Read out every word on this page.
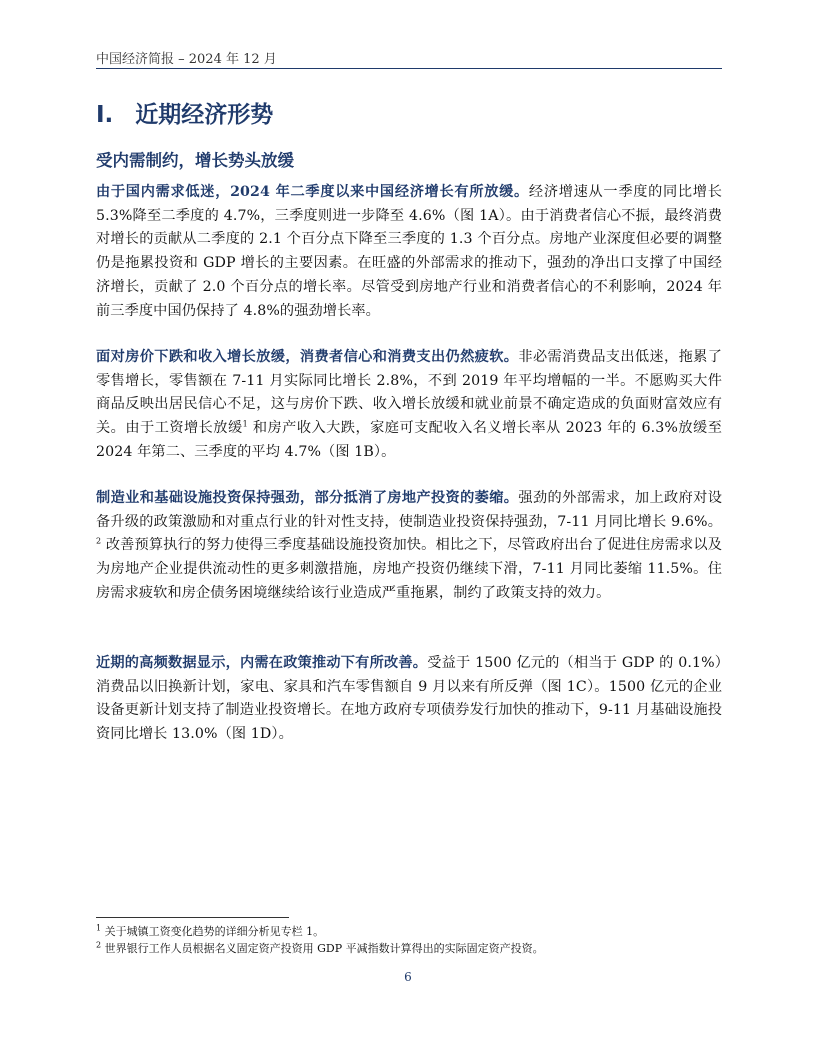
中国经济简报 – 2024 年 12 月
I. 近期经济形势
受内需制约，增长势头放缓

由于国内需求低迷，2024 年二季度以来中国经济增长有所放缓。经济增速从一季度的同比增长 5.3%降至二季度的 4.7%，三季度则进一步降至 4.6%（图 1A）。由于消费者信心不振，最终消费对增长的贡献从二季度的 2.1 个百分点下降至三季度的 1.3 个百分点。房地产业深度但必要的调整仍是拖累投资和 GDP 增长的主要因素。在旺盛的外部需求的推动下，强劲的净出口支撑了中国经济增长，贡献了 2.0 个百分点的增长率。尽管受到房地产行业和消费者信心的不利影响，2024 年前三季度中国仍保持了 4.8%的强劲增长率。

面对房价下跌和收入增长放缓，消费者信心和消费支出仍然疲软。非必需消费品支出低迷，拖累了零售增长，零售额在 7-11 月实际同比增长 2.8%，不到 2019 年平均增幅的一半。不愿购买大件商品反映出居民信心不足，这与房价下跌、收入增长放缓和就业前景不确定造成的负面财富效应有关。由于工资增长放缓$^1$ 和房产收入大跌，家庭可支配收入名义增长率从 2023 年的 6.3%放缓至 2024 年第二、三季度的平均 4.7%（图 1B）。

制造业和基础设施投资保持强劲，部分抵消了房地产投资的萎缩。强劲的外部需求，加上政府对设备升级的政策激励和对重点行业的针对性支持，使制造业投资保持强劲，7-11 月同比增长 9.6%。$^2$ 改善预算执行的努力使得三季度基础设施投资加快。相比之下，尽管政府出台了促进住房需求以及为房地产企业提供流动性的更多刺激措施，房地产投资仍继续下滑，7-11 月同比萎缩 11.5%。住房需求疲软和房企债务困境继续给该行业造成严重拖累，制约了政策支持的效力。

近期的高频数据显示，内需在政策推动下有所改善。受益于 1500 亿元的（相当于 GDP 的 0.1%）消费品以旧换新计划，家电、家具和汽车零售额自 9 月以来有所反弹（图 1C）。1500 亿元的企业设备更新计划支持了制造业投资增长。在地方政府专项债券发行加快的推动下，9-11 月基础设施投资同比增长 13.0%（图 1D）。

$^1$ 关于城镇工资变化趋势的详细分析见专栏 1。

$^2$ 世界银行工作人员根据名义固定资产投资用 GDP 平减指数计算得出的实际固定资产投资。

6
